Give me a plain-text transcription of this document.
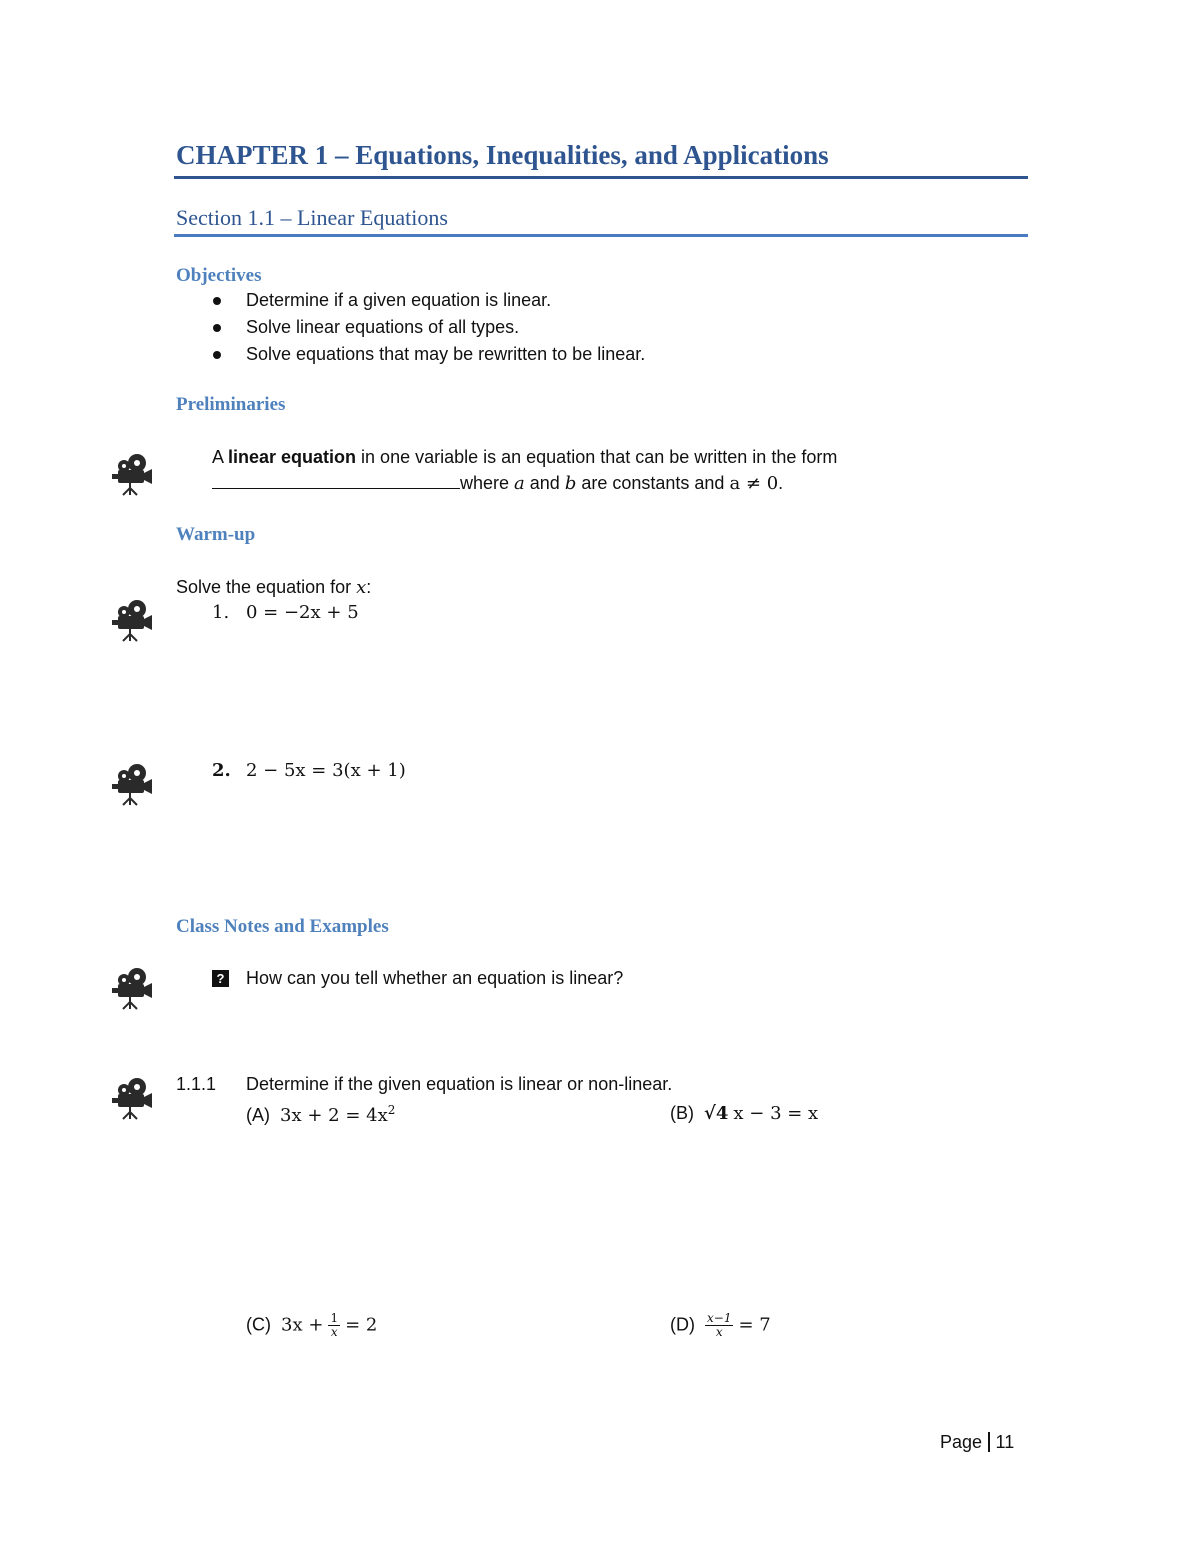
CHAPTER 1 – Equations, Inequalities, and Applications
Section 1.1 – Linear Equations
Objectives
Determine if a given equation is linear.
Solve linear equations of all types.
Solve equations that may be rewritten to be linear.
Preliminaries
A linear equation in one variable is an equation that can be written in the form
where a and b are constants and a ≠ 0.
Warm-up
Solve the equation for x:
1. 0 = −2x + 5
2. 2 − 5x = 3(x + 1)
Class Notes and Examples
? How can you tell whether an equation is linear?
1.1.1 Determine if the given equation is linear or non-linear.
(A) $3x + 2 = 4x^2$	(B) √4 x − 3 = x
(C) $3x + \frac{1}{x} = 2$	$(D) \frac{x-1}{x} = 7$
Page 11
